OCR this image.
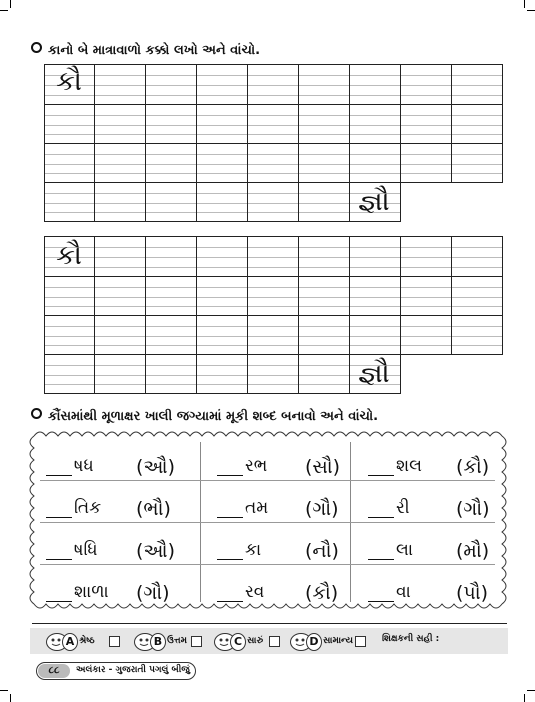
કાનો બે માત્રાવાળો કક્કો લખો અને વાંચો.
કૌ
જ્ઞૌ
કૌ
જ્ઞૌ
કૌંસમાંથી મૂળાક્ષર ખાલી જગ્યામાં મૂકી શબ્દ બનાવો અને વાંચો.
ષધ (ઔ)	રભ (સૌ)	શલ (કૌ)
તિક (ભૌ)	તમ (ગૌ)	રી (ગૌ)
ષધિ (ઔ)	કા (નૌ)	લા (મૌ)
શાળા (ગૌ)	રવ (કૌ)	વા (પૌ)
A શ્રેષ્ઠ	B ઉત્તમ	C સારું	D સામાન્ય	શિક્ષકની સહી :
૮૮	અલંકાર - ગુજરાતી પગલું બીજું
